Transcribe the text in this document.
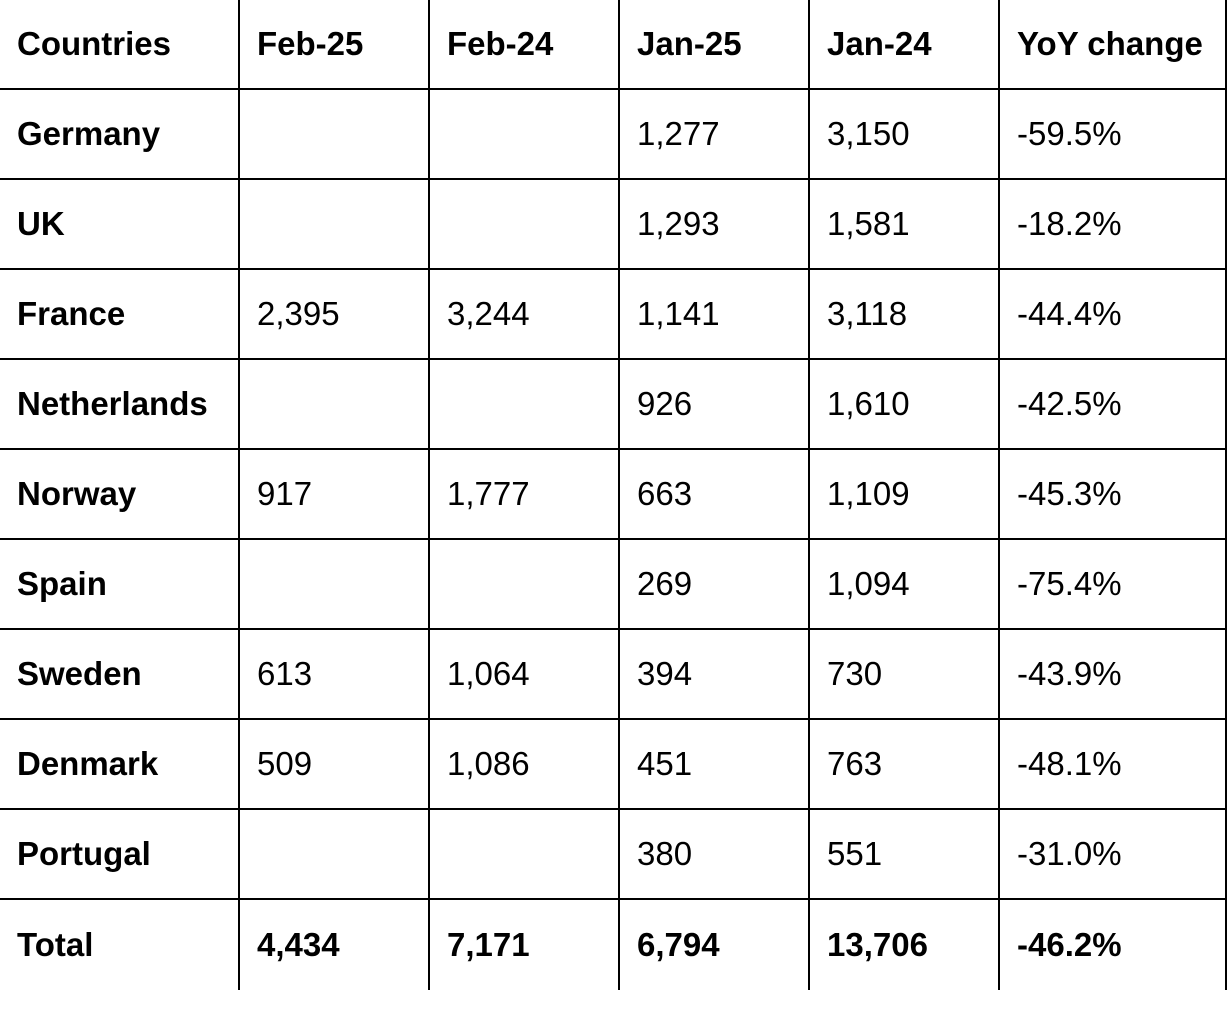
Countries	Feb-25	Feb-24	Jan-25	Jan-24	YoY change
Germany			1,277	3,150	-59.5%
UK			1,293	1,581	-18.2%
France	2,395	3,244	1,141	3,118	-44.4%
Netherlands			926	1,610	-42.5%
Norway	917	1,777	663	1,109	-45.3%
Spain			269	1,094	-75.4%
Sweden	613	1,064	394	730	-43.9%
Denmark	509	1,086	451	763	-48.1%
Portugal			380	551	-31.0%
Total	4,434	7,171	6,794	13,706	-46.2%
